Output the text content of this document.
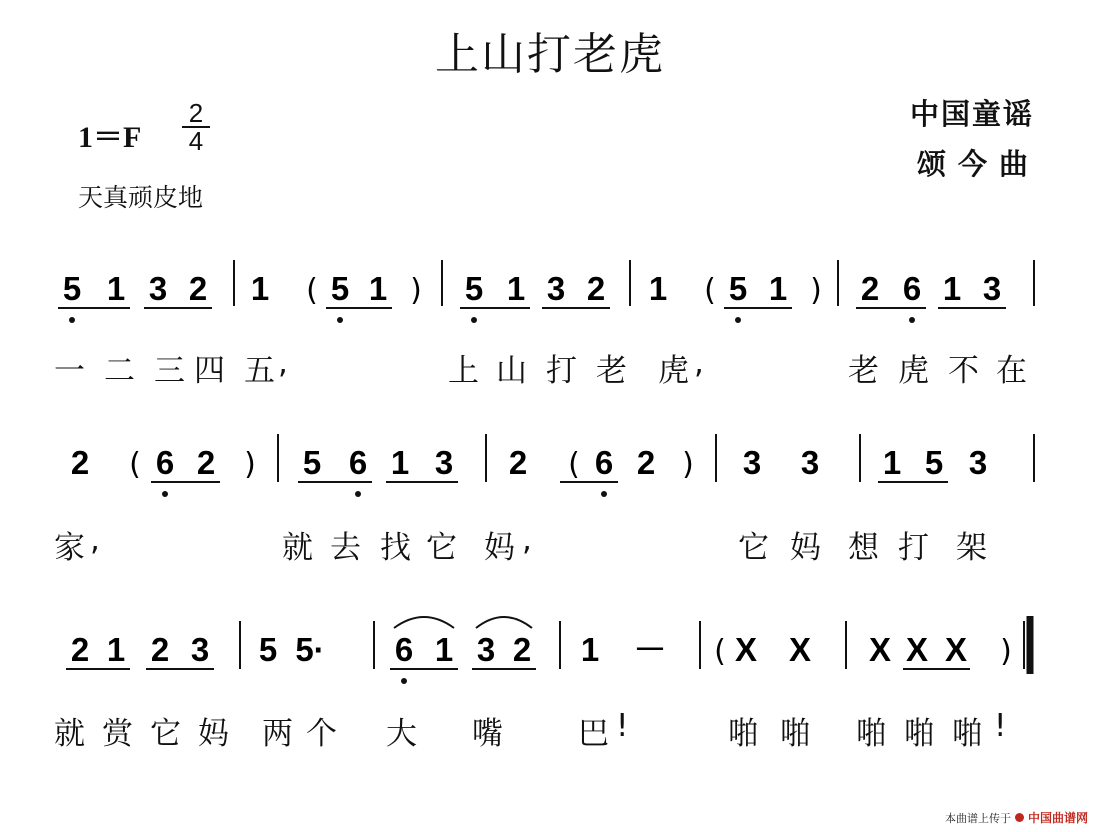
上山打老虎
1＝F
2
4
天真顽皮地
中国童谣
颂今曲
5 1 3 2 1 ( 5 1 ) 5 1 3 2 1 ( 5 1 ) 2 6 1 3
2 ( 6 2 ) 5 6 1 3 2 ( 6 2 ) 3 3 1 5 3
2 1 2 3 5 5· 6 1 3 2 1 － ( X X X X X )
一 二 三 四 五 ,	上 山 打 老 虎 ,	老 虎 不 在
家 ,	就 去 找 它 妈 ,	它 妈 想 打 架
就 赏 它 妈 两 个 大 嘴 巴 !	啪 啪 啪 啪 啪 !
本曲谱上传于 中国曲谱网
